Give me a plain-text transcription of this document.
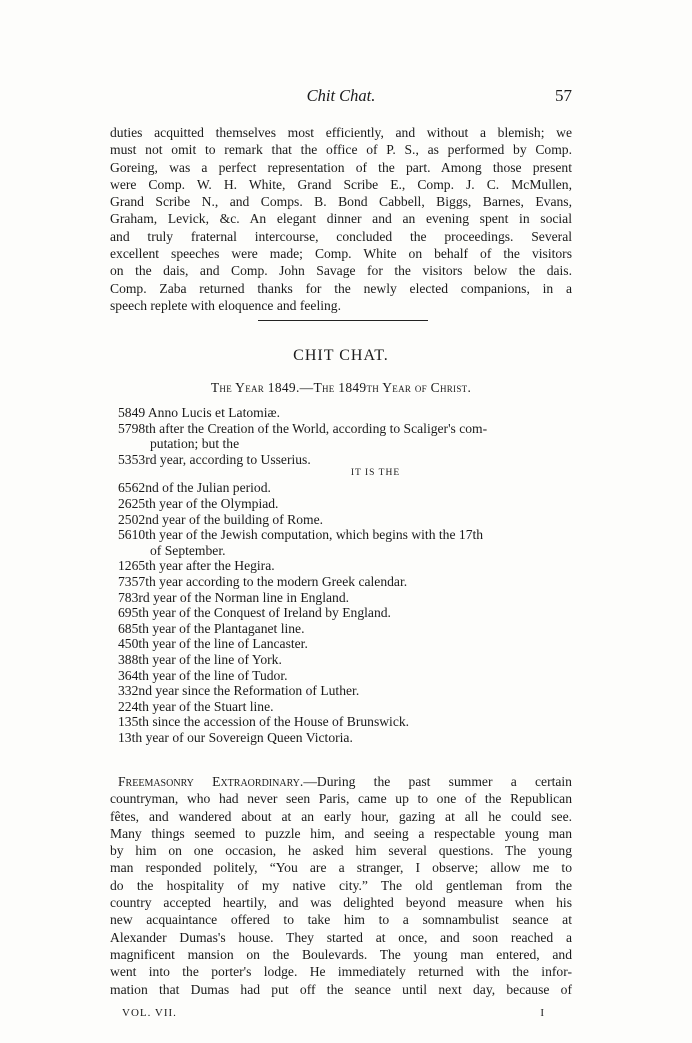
Chit Chat.	57
duties acquitted themselves most efficiently, and without a blemish; we
must not omit to remark that the office of P. S., as performed by Comp.
Goreing, was a perfect representation of the part. Among those present
were Comp. W. H. White, Grand Scribe E., Comp. J. C. McMullen,
Grand Scribe N., and Comps. B. Bond Cabbell, Biggs, Barnes, Evans,
Graham, Levick, &c. An elegant dinner and an evening spent in social
and truly fraternal intercourse, concluded the proceedings. Several
excellent speeches were made; Comp. White on behalf of the visitors
on the dais, and Comp. John Savage for the visitors below the dais.
Comp. Zaba returned thanks for the newly elected companions, in a
speech replete with eloquence and feeling.
CHIT CHAT.
The Year 1849.—The 1849th Year of Christ.
5849 Anno Lucis et Latomiæ.
5798th after the Creation of the World, according to Scaliger's com-
putation; but the
5353rd year, according to Usserius.
IT IS THE
6562nd of the Julian period.
2625th year of the Olympiad.
2502nd year of the building of Rome.
5610th year of the Jewish computation, which begins with the 17th
of September.
1265th year after the Hegira.
7357th year according to the modern Greek calendar.
783rd year of the Norman line in England.
695th year of the Conquest of Ireland by England.
685th year of the Plantaganet line.
450th year of the line of Lancaster.
388th year of the line of York.
364th year of the line of Tudor.
332nd year since the Reformation of Luther.
224th year of the Stuart line.
135th since the accession of the House of Brunswick.
13th year of our Sovereign Queen Victoria.
Freemasonry Extraordinary.—During the past summer a certain
countryman, who had never seen Paris, came up to one of the Republican
fêtes, and wandered about at an early hour, gazing at all he could see.
Many things seemed to puzzle him, and seeing a respectable young man
by him on one occasion, he asked him several questions. The young
man responded politely, “You are a stranger, I observe; allow me to
do the hospitality of my native city.” The old gentleman from the
country accepted heartily, and was delighted beyond measure when his
new acquaintance offered to take him to a somnambulist seance at
Alexander Dumas's house. They started at once, and soon reached a
magnificent mansion on the Boulevards. The young man entered, and
went into the porter's lodge. He immediately returned with the infor-
mation that Dumas had put off the seance until next day, because of
VOL. VII.	I
